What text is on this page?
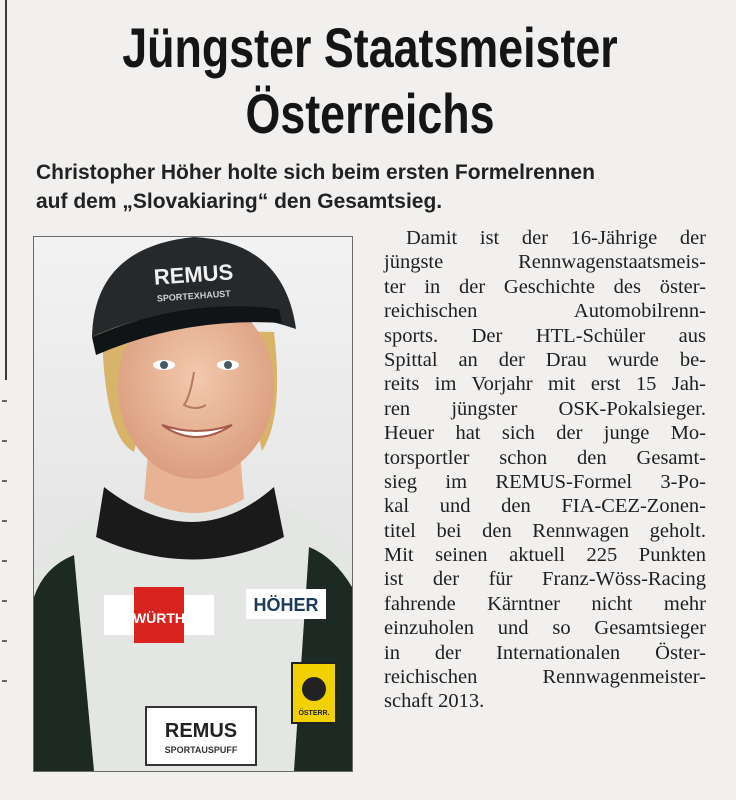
Jüngster Staatsmeister
Österreichs

Christopher Höher holte sich beim ersten Formelrennen
auf dem „Slovakiaring“ den Gesamtsieg.

REMUS
SPORTEXHAUST
WÜRTH
HÖHER
REMUS
SPORTAUSPUFF
ÖSTERR.
Damit ist der 16-Jährige der
jüngste Rennwagenstaatsmeis-
ter in der Geschichte des öster-
reichischen Automobilrenn-
sports. Der HTL-Schüler aus
Spittal an der Drau wurde be-
reits im Vorjahr mit erst 15 Jah-
ren jüngster OSK-Pokalsieger.
Heuer hat sich der junge Mo-
torsportler schon den Gesamt-
sieg im REMUS-Formel 3-Po-
kal und den FIA-CEZ-Zonen-
titel bei den Rennwagen geholt.
Mit seinen aktuell 225 Punkten
ist der für Franz-Wöss-Racing
fahrende Kärntner nicht mehr
einzuholen und so Gesamtsieger
in der Internationalen Öster-
reichischen Rennwagenmeister-
schaft 2013.
